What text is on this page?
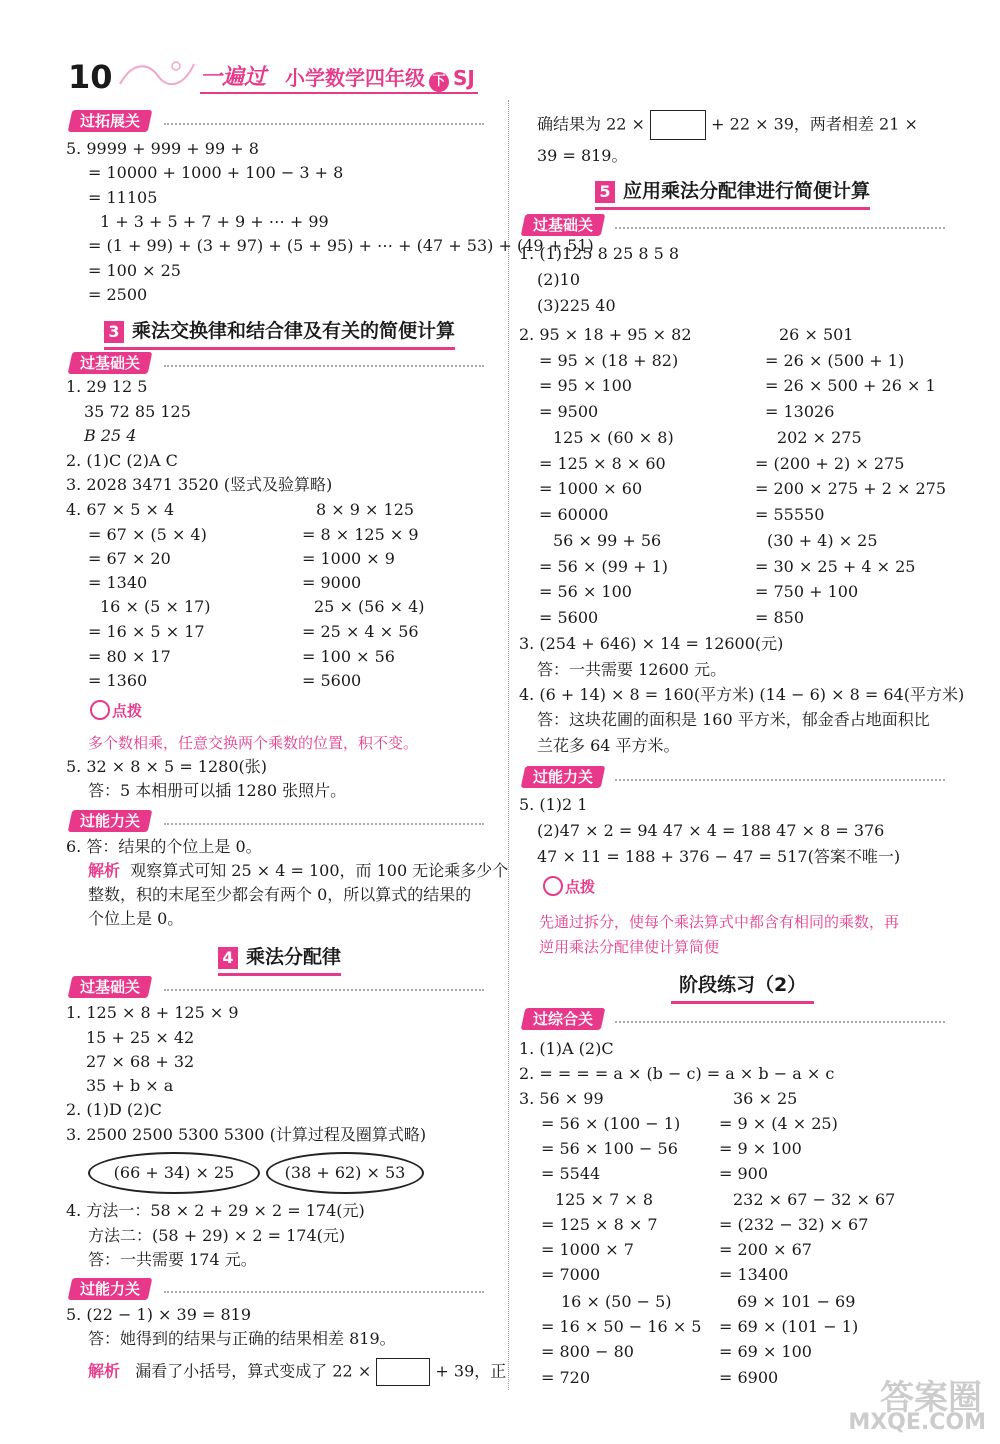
10	一遍过 小学数学四年级 下 SJ
过拓展关
5. 9999 + 999 + 99 + 8
= 10000 + 1000 + 100 − 3 + 8
= 11105
1 + 3 + 5 + 7 + 9 + ⋯ + 99
= (1 + 99) + (3 + 97) + (5 + 95) + ⋯ + (47 + 53) + (49 + 51)
= 100 × 25
= 2500
3 乘法交换律和结合律及有关的简便计算
过基础关
1. 29 12 5
35 72 85 125
B 25 4
2. (1)C (2)A C
3. 2028 3471 3520 (竖式及验算略)
4. 67 × 5 × 4
= 67 × (5 × 4)
= 67 × 20
= 1340
16 × (5 × 17)
= 16 × 5 × 17
= 80 × 17
= 1360
8 × 9 × 125
= 8 × 125 × 9
= 1000 × 9
= 9000
25 × (56 × 4)
= 25 × 4 × 56
= 100 × 56
= 5600
点拨
多个数相乘，任意交换两个乘数的位置，积不变。
5. 32 × 8 × 5 = 1280(张)
答：5 本相册可以插 1280 张照片。
过能力关
6. 答：结果的个位上是 0。
解析 观察算式可知 25 × 4 = 100，而 100 无论乘多少个
整数，积的末尾至少都会有两个 0，所以算式的结果的
个位上是 0。
4 乘法分配律
过基础关
1. 125 × 8 + 125 × 9
15 + 25 × 42
27 × 68 + 32
35 + b × a
2. (1)D (2)C
3. 2500 2500 5300 5300 (计算过程及圈算式略)
(66 + 34) × 25	(38 + 62) × 53
4. 方法一：58 × 2 + 29 × 2 = 174(元)
方法二：(58 + 29) × 2 = 174(元)
答：一共需要 174 元。
过能力关
5. (22 − 1) × 39 = 819
答：她得到的结果与正确的结果相差 819。
解析 漏看了小括号，算式变成了 22 ×	+ 39，正
确结果为 22 ×	+ 22 × 39，两者相差 21 ×
39 = 819。
5 应用乘法分配律进行简便计算
过基础关
1. (1)125 8 25 8 5 8
(2)10
(3)225 40
2. 95 × 18 + 95 × 82
= 95 × (18 + 82)
= 95 × 100
= 9500
125 × (60 × 8)
= 125 × 8 × 60
= 1000 × 60
= 60000
56 × 99 + 56
= 56 × (99 + 1)
= 56 × 100
= 5600
26 × 501
= 26 × (500 + 1)
= 26 × 500 + 26 × 1
= 13026
202 × 275
= (200 + 2) × 275
= 200 × 275 + 2 × 275
= 55550
(30 + 4) × 25
= 30 × 25 + 4 × 25
= 750 + 100
= 850
3. (254 + 646) × 14 = 12600(元)
答：一共需要 12600 元。
4. (6 + 14) × 8 = 160(平方米) (14 − 6) × 8 = 64(平方米)
答：这块花圃的面积是 160 平方米，郁金香占地面积比
兰花多 64 平方米。
过能力关
5. (1)2 1
(2)47 × 2 = 94 47 × 4 = 188 47 × 8 = 376
47 × 11 = 188 + 376 − 47 = 517(答案不唯一)
点拨
先通过拆分，使每个乘法算式中都含有相同的乘数，再
逆用乘法分配律使计算简便
阶段练习（2）
过综合关
1. (1)A (2)C
2. = = = = a × (b − c) = a × b − a × c
3. 56 × 99
= 56 × (100 − 1)
= 56 × 100 − 56
= 5544
125 × 7 × 8
= 125 × 8 × 7
= 1000 × 7
= 7000
16 × (50 − 5)
= 16 × 50 − 16 × 5
= 800 − 80
= 720
36 × 25
= 9 × (4 × 25)
= 9 × 100
= 900
232 × 67 − 32 × 67
= (232 − 32) × 67
= 200 × 67
= 13400
69 × 101 − 69
= 69 × (101 − 1)
= 69 × 100
= 6900
答案圈
MXQE.COM
